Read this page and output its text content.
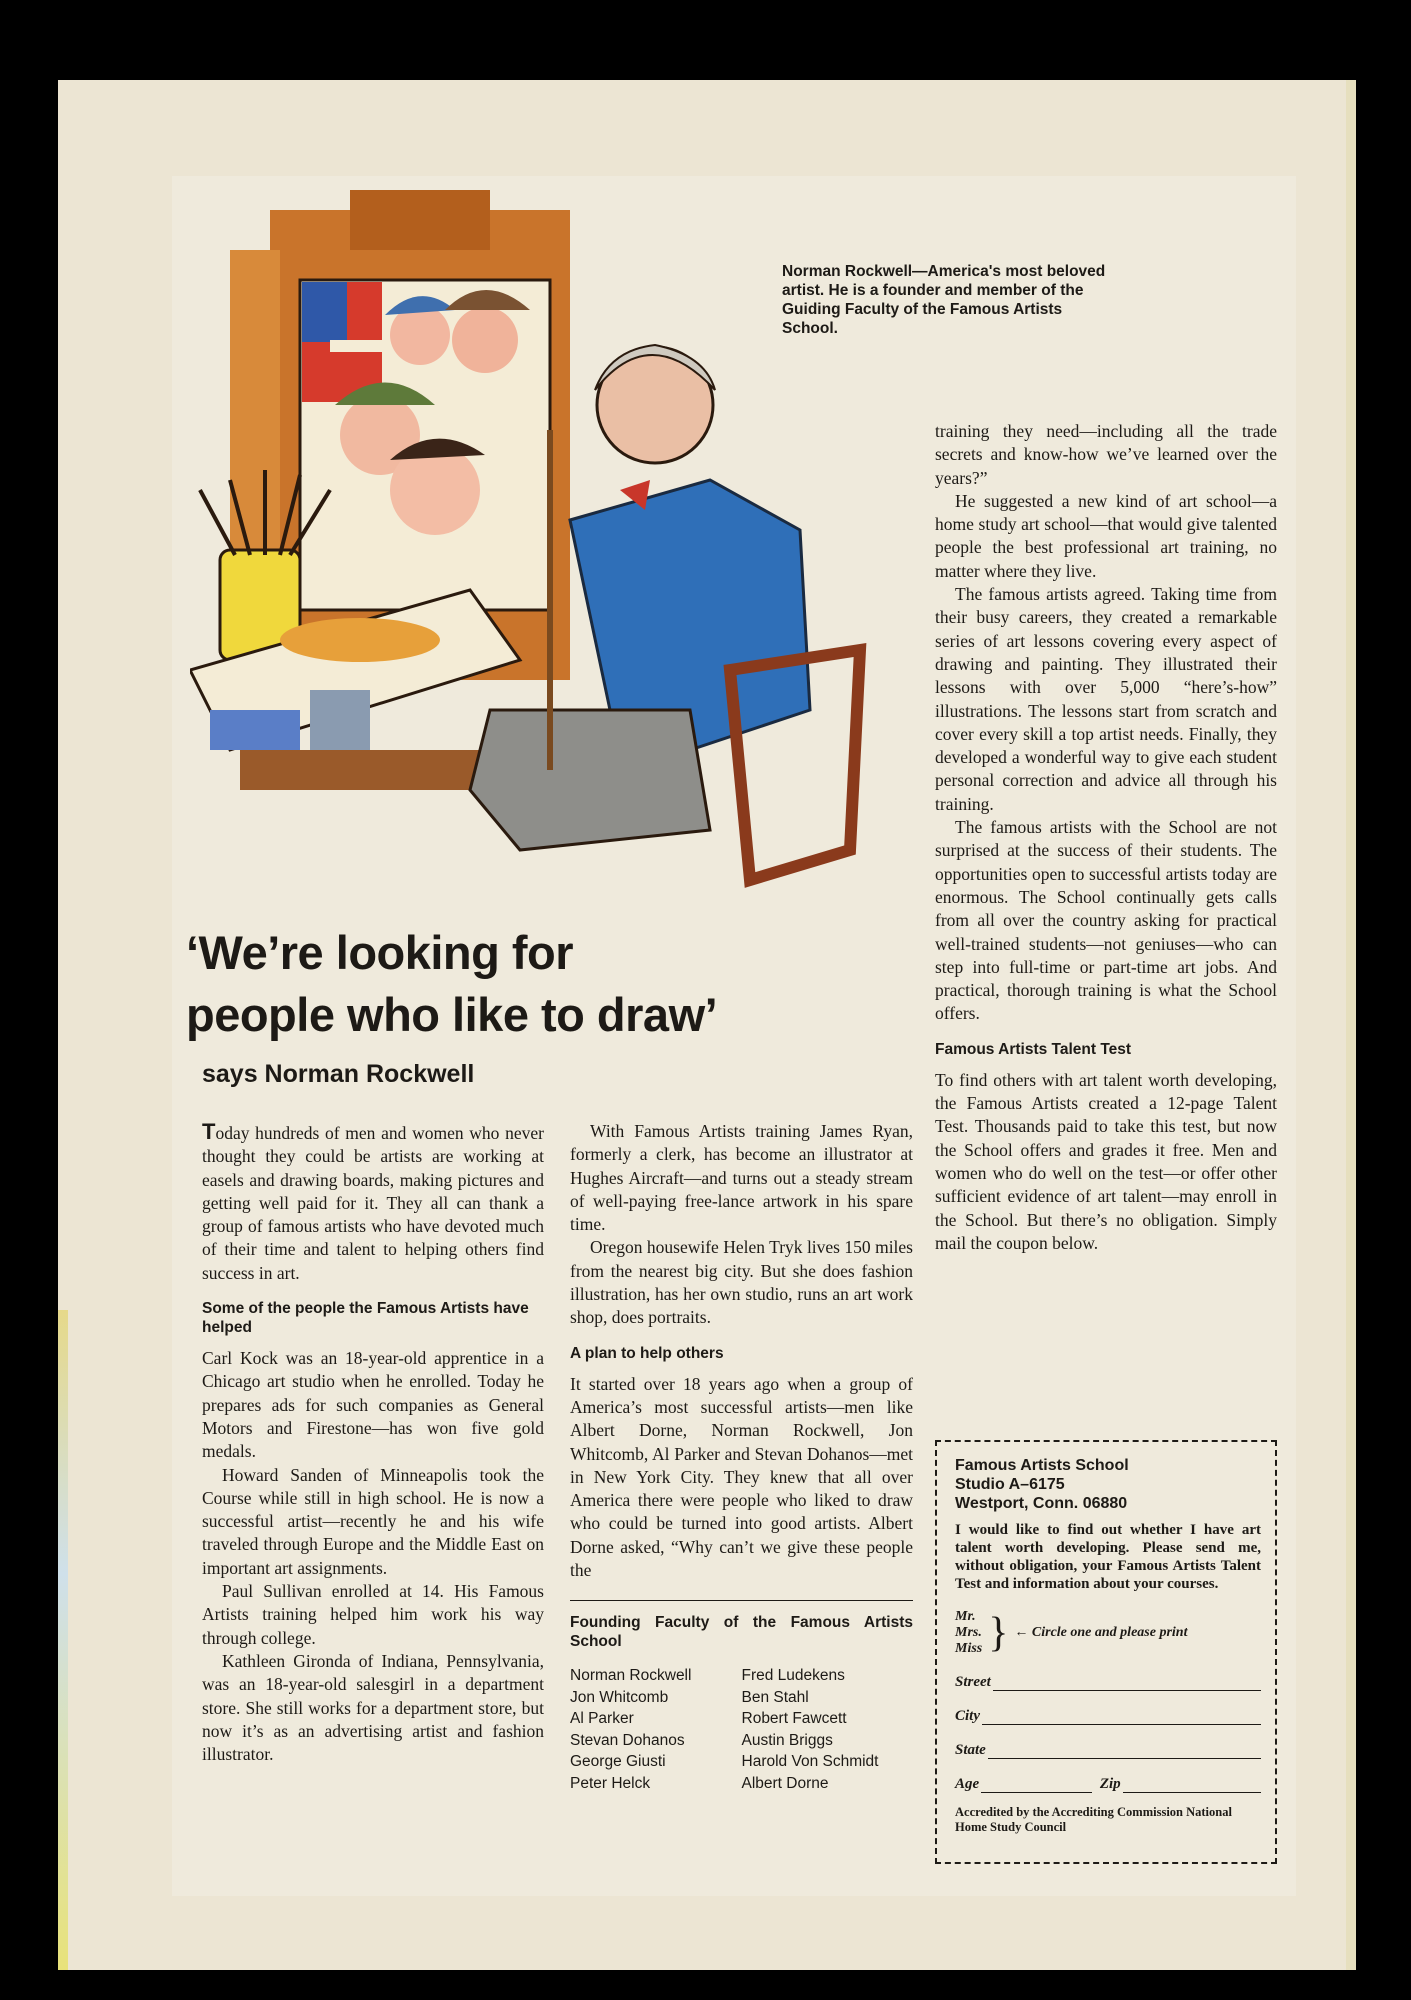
Norman Rockwell—America's most beloved artist. He is a founder and member of the Guiding Faculty of the Famous Artists School.
‘We’re looking for
people who like to draw’
says Norman Rockwell

Today hundreds of men and women who never thought they could be artists are working at easels and drawing boards, making pictures and getting well paid for it. They all can thank a group of famous artists who have devoted much of their time and talent to helping others find success in art.

Some of the people the Famous Artists have helped

Carl Kock was an 18-year-old apprentice in a Chicago art studio when he enrolled. Today he prepares ads for such companies as General Motors and Firestone—has won five gold medals.

Howard Sanden of Minneapolis took the Course while still in high school. He is now a successful artist—recently he and his wife traveled through Europe and the Middle East on important art assignments.

Paul Sullivan enrolled at 14. His Famous Artists training helped him work his way through college.

Kathleen Gironda of Indiana, Pennsylvania, was an 18-year-old salesgirl in a department store. She still works for a department store, but now it’s as an advertising artist and fashion illustrator.

With Famous Artists training James Ryan, formerly a clerk, has become an illustrator at Hughes Aircraft—and turns out a steady stream of well-paying free-lance artwork in his spare time.

Oregon housewife Helen Tryk lives 150 miles from the nearest big city. But she does fashion illustration, has her own studio, runs an art work shop, does portraits.

A plan to help others

It started over 18 years ago when a group of America’s most successful artists—men like Albert Dorne, Norman Rockwell, Jon Whitcomb, Al Parker and Stevan Dohanos—met in New York City. They knew that all over America there were people who liked to draw who could be turned into good artists. Albert Dorne asked, “Why can’t we give these people the

Founding Faculty of the Famous Artists School
Norman Rockwell
Jon Whitcomb
Al Parker
Stevan Dohanos
George Giusti
Peter Helck
Fred Ludekens
Ben Stahl
Robert Fawcett
Austin Briggs
Harold Von Schmidt
Albert Dorne

training they need—including all the trade secrets and know-how we’ve learned over the years?”

He suggested a new kind of art school—a home study art school—that would give talented people the best professional art training, no matter where they live.

The famous artists agreed. Taking time from their busy careers, they created a remarkable series of art lessons covering every aspect of drawing and painting. They illustrated their lessons with over 5,000 “here’s-how” illustrations. The lessons start from scratch and cover every skill a top artist needs. Finally, they developed a wonderful way to give each student personal correction and advice all through his training.

The famous artists with the School are not surprised at the success of their students. The opportunities open to successful artists today are enormous. The School continually gets calls from all over the country asking for practical well-trained students—not geniuses—who can step into full-time or part-time art jobs. And practical, thorough training is what the School offers.

Famous Artists Talent Test

To find others with art talent worth developing, the Famous Artists created a 12-page Talent Test. Thousands paid to take this test, but now the School offers and grades it free. Men and women who do well on the test—or offer other sufficient evidence of art talent—may enroll in the School. But there’s no obligation. Simply mail the coupon below.

Famous Artists School
Studio A–6175
Westport, Conn. 06880
I would like to find out whether I have art talent worth developing. Please send me, without obligation, your Famous Artists Talent Test and information about your courses.
Mr.
Mrs.
Miss } ← Circle one and please print
Street
City
State
Age	Zip
Accredited by the Accrediting Commission National Home Study Council
